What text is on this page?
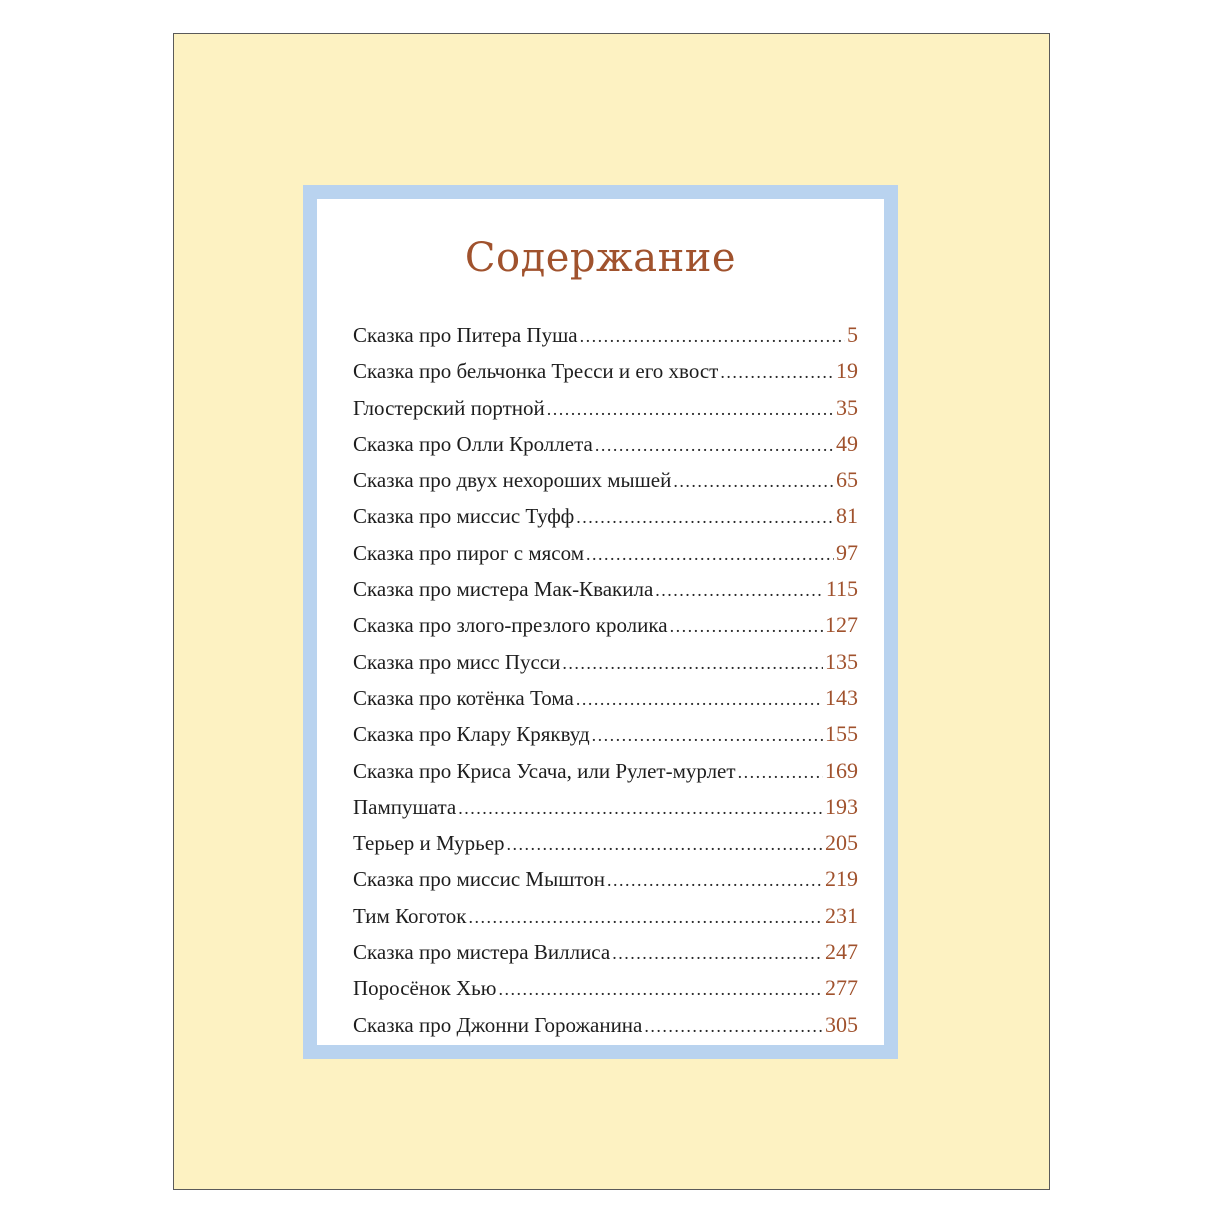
Содержание
Сказка про Питера Пуша .....	5
Сказка про бельчонка Тресси и его хвост .....	19
Глостерский портной .....	35
Сказка про Олли Кроллета .....	49
Сказка про двух нехороших мышей .....	65
Сказка про миссис Туфф .....	81
Сказка про пирог с мясом .....	97
Сказка про мистера Мак-Квакила .....	115
Сказка про злого-презлого кролика .....	127
Сказка про мисс Пусси .....	135
Сказка про котёнка Тома .....	143
Сказка про Клару Кряквуд .....	155
Сказка про Криса Усача, или Рулет-мурлет .....	169
Пампушата .....	193
Терьер и Мурьер .....	205
Сказка про миссис Мыштон .....	219
Тим Коготок .....	231
Сказка про мистера Виллиса .....	247
Поросёнок Хью .....	277
Сказка про Джонни Горожанина .....	305
